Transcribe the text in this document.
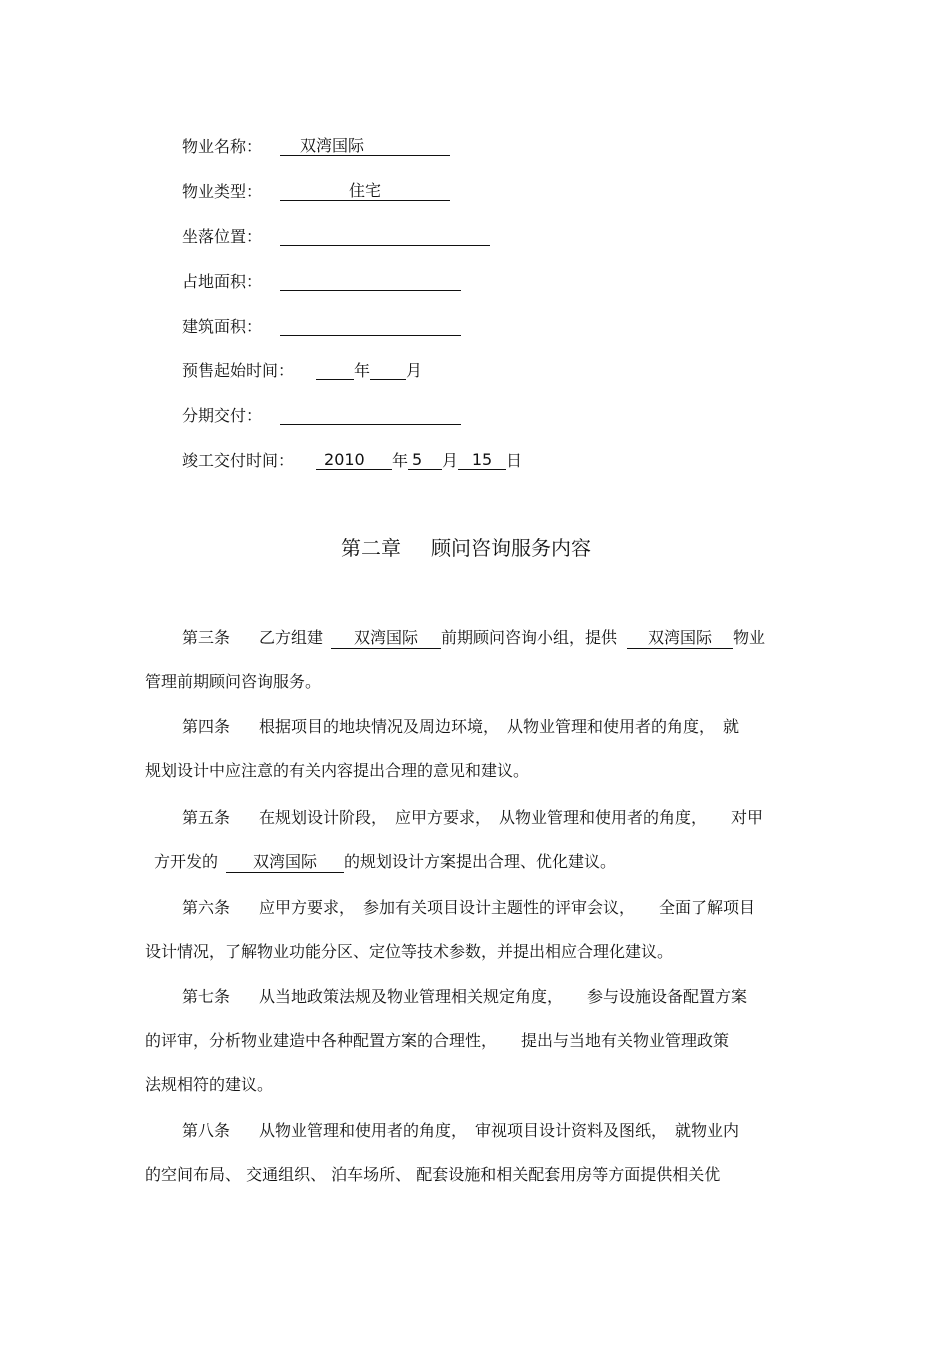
物业名称： 双湾国际
物业类型：	住宅
坐落位置：
占地面积：
建筑面积：
预售起始时间：	年 月
分期交付：
竣工交付时间： 2010 年 5 月 15 日
第二章 顾问咨询服务内容
第三条 乙方组建 双湾国际 前期顾问咨询小组，提供 双湾国际 物业
管理前期顾问咨询服务。
第四条 根据项目的地块情况及周边环境，　从物业管理和使用者的角度，　就
规划设计中应注意的有关内容提出合理的意见和建议。
第五条 在规划设计阶段，　应甲方要求，　从物业管理和使用者的角度，　　对甲
方开发的 双湾国际 的规划设计方案提出合理、优化建议。
第六条 应甲方要求，　参加有关项目设计主题性的评审会议，　　全面了解项目
设计情况，了解物业功能分区、定位等技术参数，并提出相应合理化建议。
第七条 从当地政策法规及物业管理相关规定角度，　　参与设施设备配置方案
的评审，分析物业建造中各种配置方案的合理性，　　提出与当地有关物业管理政策
法规相符的建议。
第八条 从物业管理和使用者的角度，　审视项目设计资料及图纸，　就物业内
的空间布局、 交通组织、 泊车场所、 配套设施和相关配套用房等方面提供相关优
